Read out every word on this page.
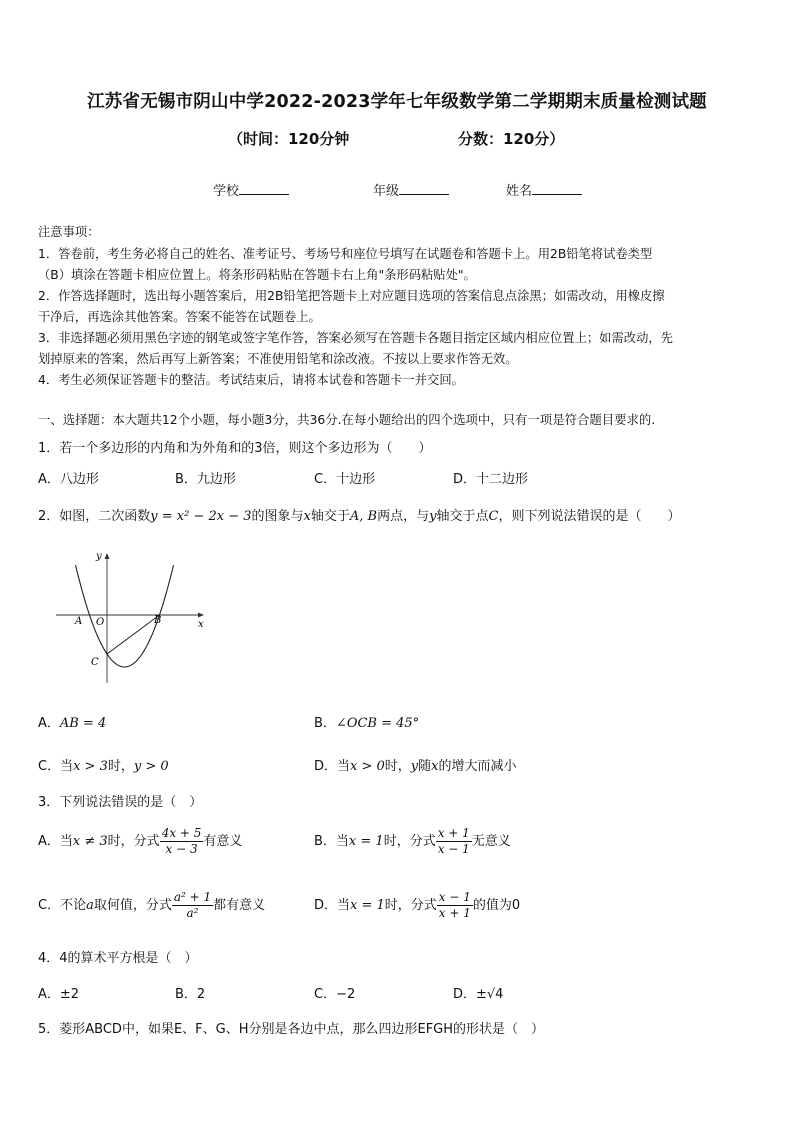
江苏省无锡市阴山中学2022-2023学年七年级数学第二学期期末质量检测试题
（时间：120分钟	分数：120分）
学校	年级	姓名
注意事项：
1．答卷前，考生务必将自己的姓名、准考证号、考场号和座位号填写在试题卷和答题卡上。用2B铅笔将试卷类型
（B）填涂在答题卡相应位置上。将条形码粘贴在答题卡右上角"条形码粘贴处"。
2．作答选择题时，选出每小题答案后，用2B铅笔把答题卡上对应题目选项的答案信息点涂黑；如需改动，用橡皮擦
干净后，再选涂其他答案。答案不能答在试题卷上。
3．非选择题必须用黑色字迹的钢笔或签字笔作答，答案必须写在答题卡各题目指定区域内相应位置上；如需改动，先
划掉原来的答案，然后再写上新答案；不准使用铅笔和涂改液。不按以上要求作答无效。
4．考生必须保证答题卡的整洁。考试结束后，请将本试卷和答题卡一并交回。
一、选择题：本大题共12个小题，每小题3分，共36分.在每小题给出的四个选项中，只有一项是符合题目要求的.
1．若一个多边形的内角和为外角和的3倍，则这个多边形为（　　）
A．八边形	B．九边形	C．十边形	D．十二边形
2．如图，二次函数y = x² − 2x − 3的图象与x轴交于A, B两点，与y轴交于点C，则下列说法错误的是（　　）
x
y
A O	B
C
A．AB = 4	B．∠OCB = 45°
C．当x > 3时，y > 0	D．当x > 0时，y随x的增大而减小
3．下列说法错误的是（　）
A．当x ≠ 3时，分式 $\frac{4x + 5}{x - 3}$ 有意义	B．当x = 1时，分式 $\frac{x + 1}{x - 1}$ 无意义
C．不论a取何值，分式 $\frac{\text{a² + 1}}{\text{a²}}$ 都有意义	D．当x = 1时，分式 $\frac{x - 1}{x + 1}$ 的值为0
4．4的算术平方根是（　）
A．±2	B．2	C．−2	D．±√4
5．菱形ABCD中，如果E、F、G、H分别是各边中点，那么四边形EFGH的形状是（　）
